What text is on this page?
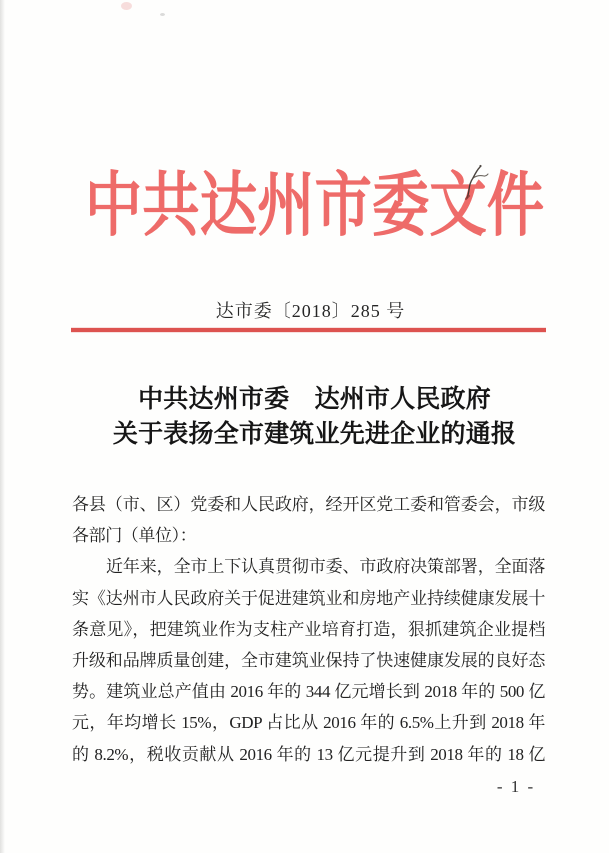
中共达州市委文件
达市委〔2018〕285 号
中共达州市委　达州市人民政府
关于表扬全市建筑业先进企业的通报
各县（市、区）党委和人民政府，经开区党工委和管委会，市级
各部门（单位）：
近年来，全市上下认真贯彻市委、市政府决策部署，全面落
实《达州市人民政府关于促进建筑业和房地产业持续健康发展十
条意见》，把建筑业作为支柱产业培育打造，狠抓建筑企业提档
升级和品牌质量创建，全市建筑业保持了快速健康发展的良好态
势。建筑业总产值由 2016 年的 344 亿元增长到 2018 年的 500 亿
元，年均增长 15%，GDP 占比从 2016 年的 6.5%上升到 2018 年
的 8.2%，税收贡献从 2016 年的 13 亿元提升到 2018 年的 18 亿
- 1 -
